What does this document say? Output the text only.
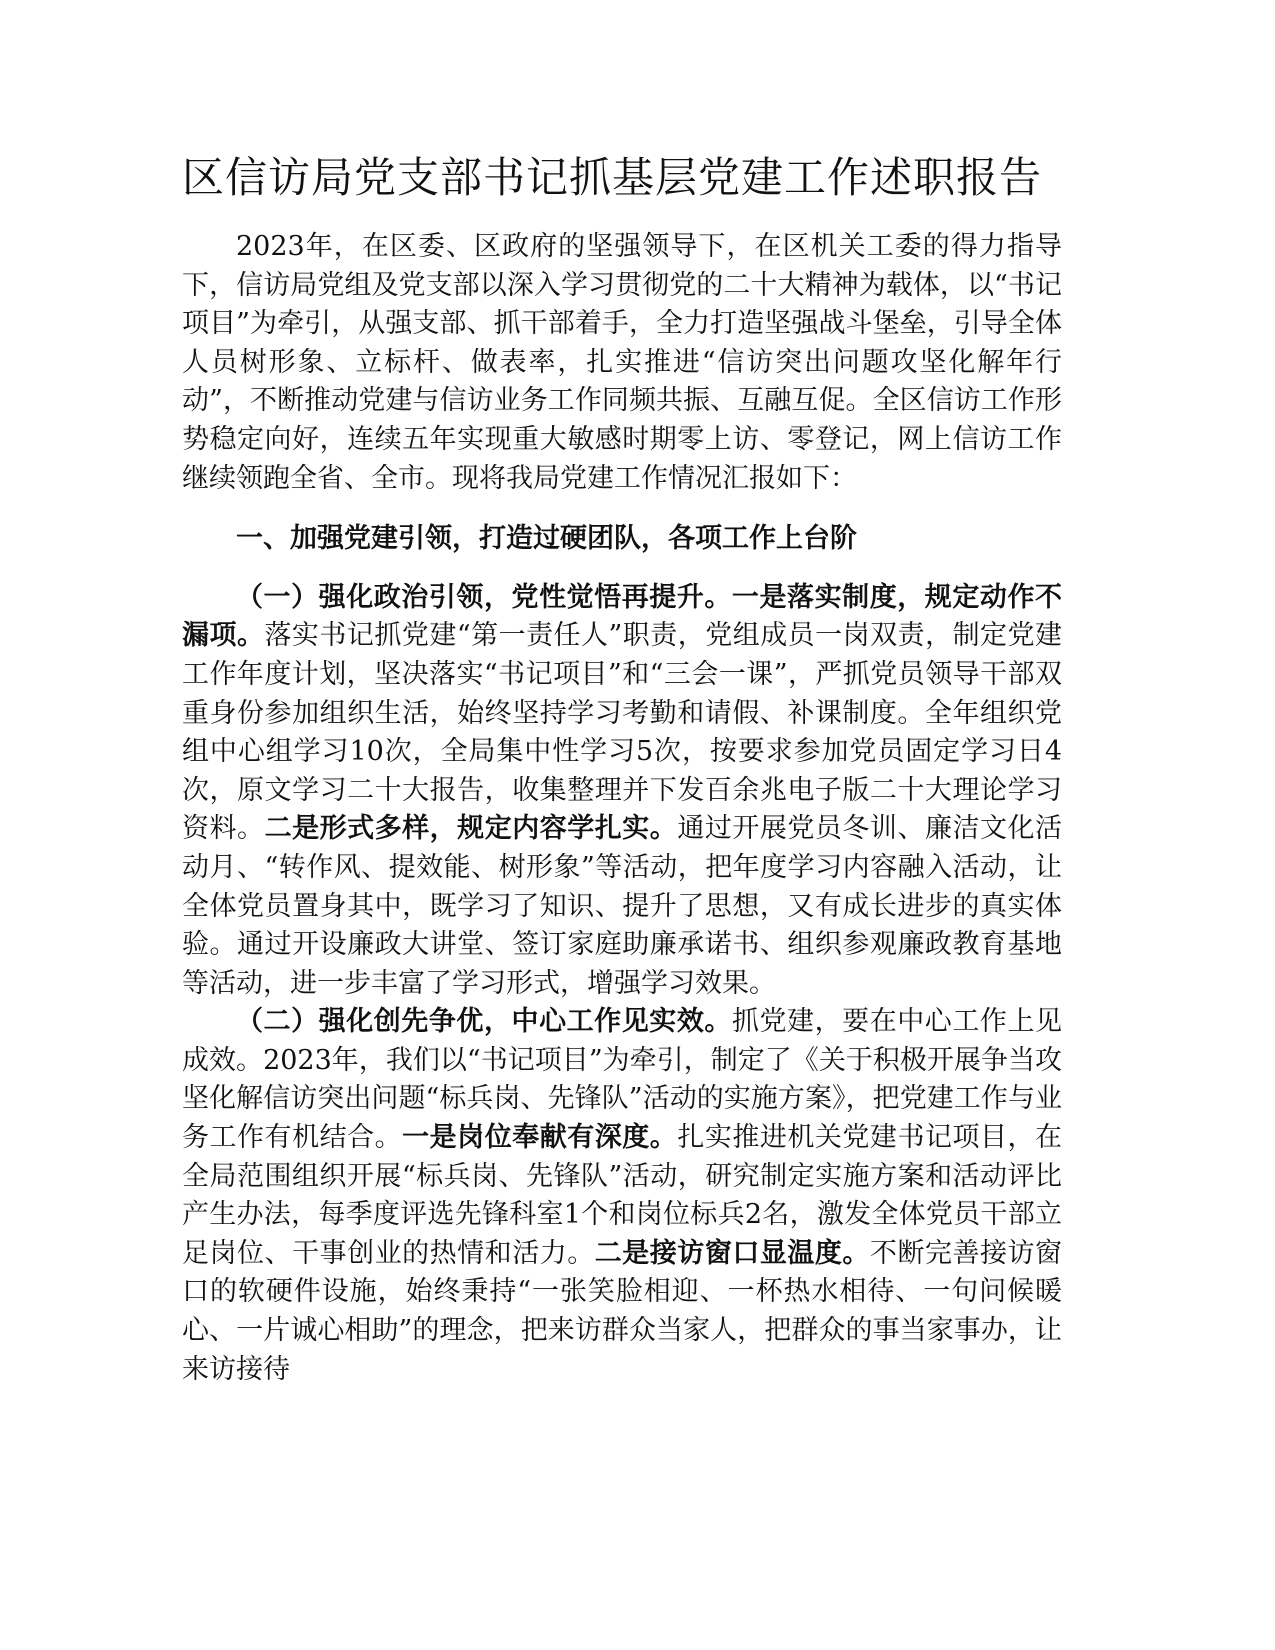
区信访局党支部书记抓基层党建工作述职报告

2023年，在区委、区政府的坚强领导下，在区机关工委的得力指导下，信访局党组及党支部以深入学习贯彻党的二十大精神为载体，以“书记项目”为牵引，从强支部、抓干部着手，全力打造坚强战斗堡垒，引导全体人员树形象、立标杆、做表率，扎实推进“信访突出问题攻坚化解年行动”，不断推动党建与信访业务工作同频共振、互融互促。全区信访工作形势稳定向好，连续五年实现重大敏感时期零上访、零登记，网上信访工作继续领跑全省、全市。现将我局党建工作情况汇报如下：

一、加强党建引领，打造过硬团队，各项工作上台阶

（一）强化政治引领，党性觉悟再提升。一是落实制度，规定动作不漏项。落实书记抓党建“第一责任人”职责，党组成员一岗双责，制定党建工作年度计划，坚决落实“书记项目”和“三会一课”，严抓党员领导干部双重身份参加组织生活，始终坚持学习考勤和请假、补课制度。全年组织党组中心组学习10次，全局集中性学习5次，按要求参加党员固定学习日4次，原文学习二十大报告，收集整理并下发百余兆电子版二十大理论学习资料。二是形式多样，规定内容学扎实。通过开展党员冬训、廉洁文化活动月、“转作风、提效能、树形象”等活动，把年度学习内容融入活动，让全体党员置身其中，既学习了知识、提升了思想，又有成长进步的真实体验。通过开设廉政大讲堂、签订家庭助廉承诺书、组织参观廉政教育基地等活动，进一步丰富了学习形式，增强学习效果。

（二）强化创先争优，中心工作见实效。抓党建，要在中心工作上见成效。2023年，我们以“书记项目”为牵引，制定了《关于积极开展争当攻坚化解信访突出问题“标兵岗、先锋队”活动的实施方案》，把党建工作与业务工作有机结合。一是岗位奉献有深度。扎实推进机关党建书记项目，在全局范围组织开展“标兵岗、先锋队”活动，研究制定实施方案和活动评比产生办法，每季度评选先锋科室1个和岗位标兵2名，激发全体党员干部立足岗位、干事创业的热情和活力。二是接访窗口显温度。不断完善接访窗口的软硬件设施，始终秉持“一张笑脸相迎、一杯热水相待、一句问候暖心、一片诚心相助”的理念，把来访群众当家人，把群众的事当家事办，让来访接待
